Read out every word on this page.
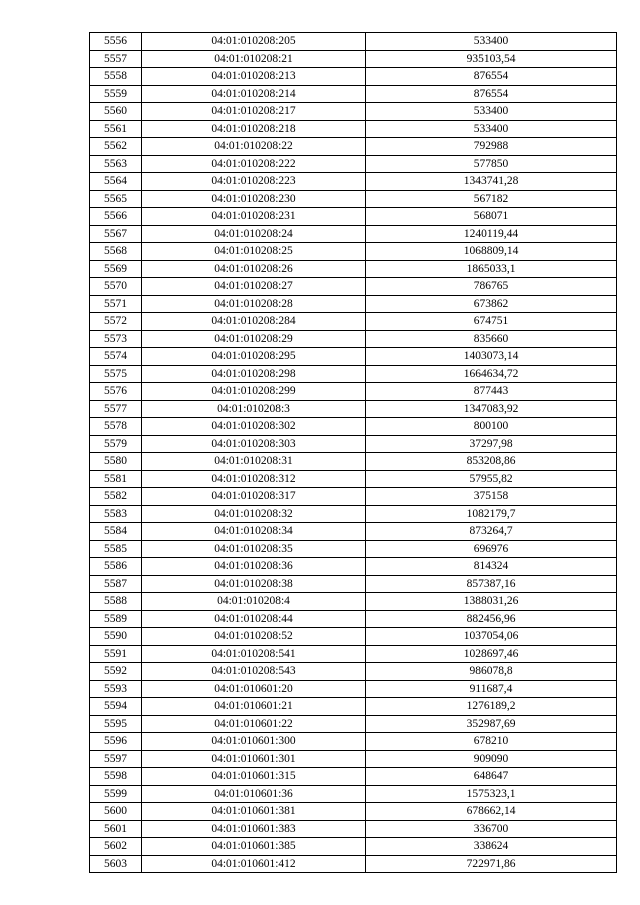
5556	04:01:010208:205	533400
5557	04:01:010208:21	935103,54
5558	04:01:010208:213	876554
5559	04:01:010208:214	876554
5560	04:01:010208:217	533400
5561	04:01:010208:218	533400
5562	04:01:010208:22	792988
5563	04:01:010208:222	577850
5564	04:01:010208:223	1343741,28
5565	04:01:010208:230	567182
5566	04:01:010208:231	568071
5567	04:01:010208:24	1240119,44
5568	04:01:010208:25	1068809,14
5569	04:01:010208:26	1865033,1
5570	04:01:010208:27	786765
5571	04:01:010208:28	673862
5572	04:01:010208:284	674751
5573	04:01:010208:29	835660
5574	04:01:010208:295	1403073,14
5575	04:01:010208:298	1664634,72
5576	04:01:010208:299	877443
5577	04:01:010208:3	1347083,92
5578	04:01:010208:302	800100
5579	04:01:010208:303	37297,98
5580	04:01:010208:31	853208,86
5581	04:01:010208:312	57955,82
5582	04:01:010208:317	375158
5583	04:01:010208:32	1082179,7
5584	04:01:010208:34	873264,7
5585	04:01:010208:35	696976
5586	04:01:010208:36	814324
5587	04:01:010208:38	857387,16
5588	04:01:010208:4	1388031,26
5589	04:01:010208:44	882456,96
5590	04:01:010208:52	1037054,06
5591	04:01:010208:541	1028697,46
5592	04:01:010208:543	986078,8
5593	04:01:010601:20	911687,4
5594	04:01:010601:21	1276189,2
5595	04:01:010601:22	352987,69
5596	04:01:010601:300	678210
5597	04:01:010601:301	909090
5598	04:01:010601:315	648647
5599	04:01:010601:36	1575323,1
5600	04:01:010601:381	678662,14
5601	04:01:010601:383	336700
5602	04:01:010601:385	338624
5603	04:01:010601:412	722971,86
